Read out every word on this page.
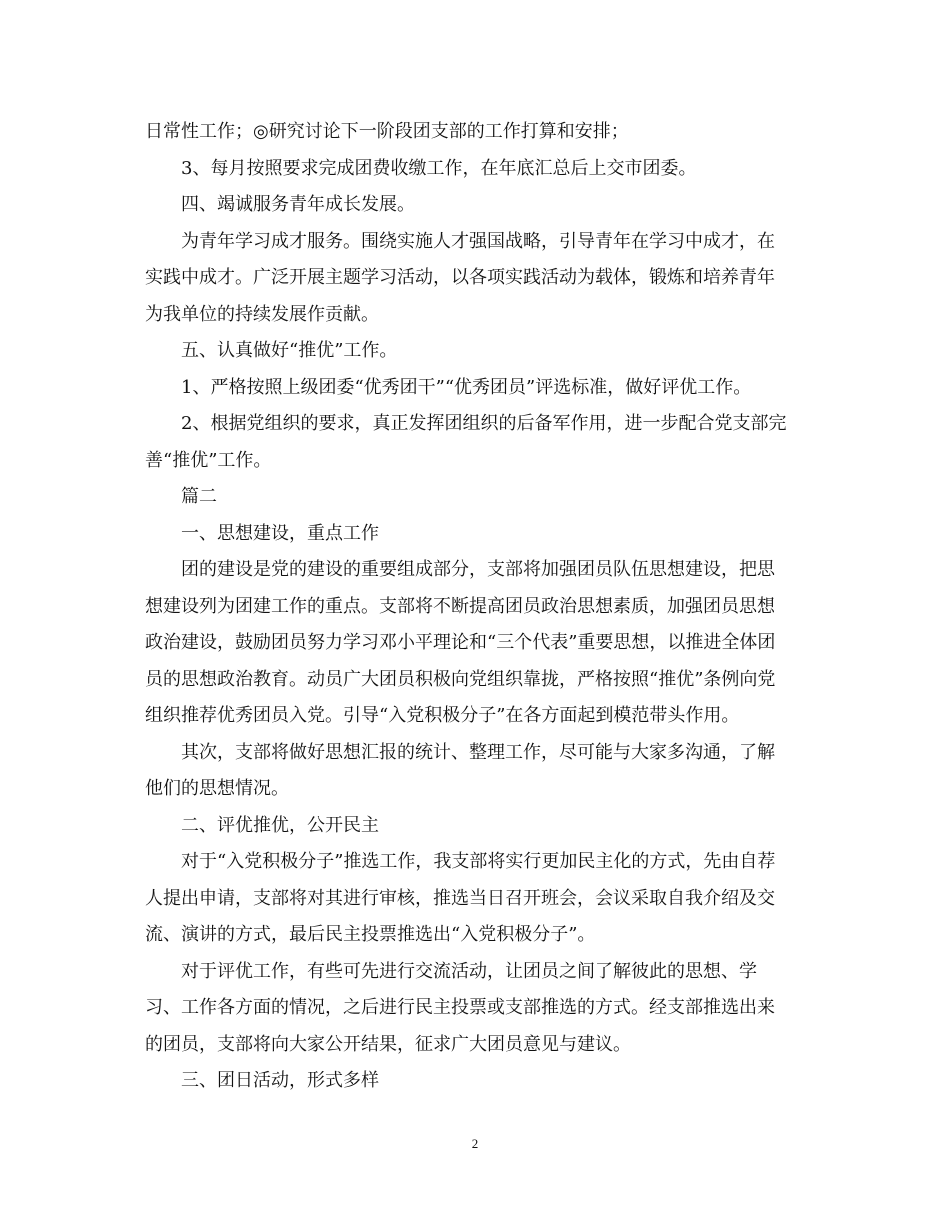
日常性工作；◎研究讨论下一阶段团支部的工作打算和安排；
3、每月按照要求完成团费收缴工作，在年底汇总后上交市团委。
四、竭诚服务青年成长发展。
为青年学习成才服务。围绕实施人才强国战略，引导青年在学习中成才，在
实践中成才。广泛开展主题学习活动，以各项实践活动为载体，锻炼和培养青年
为我单位的持续发展作贡献。
五、认真做好“推优”工作。
1、严格按照上级团委“优秀团干”“优秀团员”评选标准，做好评优工作。
2、根据党组织的要求，真正发挥团组织的后备军作用，进一步配合党支部完
善“推优”工作。
篇二
一、思想建设，重点工作
团的建设是党的建设的重要组成部分，支部将加强团员队伍思想建设，把思
想建设列为团建工作的重点。支部将不断提高团员政治思想素质，加强团员思想
政治建设，鼓励团员努力学习邓小平理论和“三个代表”重要思想，以推进全体团
员的思想政治教育。动员广大团员积极向党组织靠拢，严格按照“推优”条例向党
组织推荐优秀团员入党。引导“入党积极分子”在各方面起到模范带头作用。
其次，支部将做好思想汇报的统计、整理工作，尽可能与大家多沟通，了解
他们的思想情况。
二、评优推优，公开民主
对于“入党积极分子”推选工作，我支部将实行更加民主化的方式，先由自荐
人提出申请，支部将对其进行审核，推选当日召开班会，会议采取自我介绍及交
流、演讲的方式，最后民主投票推选出“入党积极分子”。
对于评优工作，有些可先进行交流活动，让团员之间了解彼此的思想、学
习、工作各方面的情况，之后进行民主投票或支部推选的方式。经支部推选出来
的团员，支部将向大家公开结果，征求广大团员意见与建议。
三、团日活动，形式多样
2
